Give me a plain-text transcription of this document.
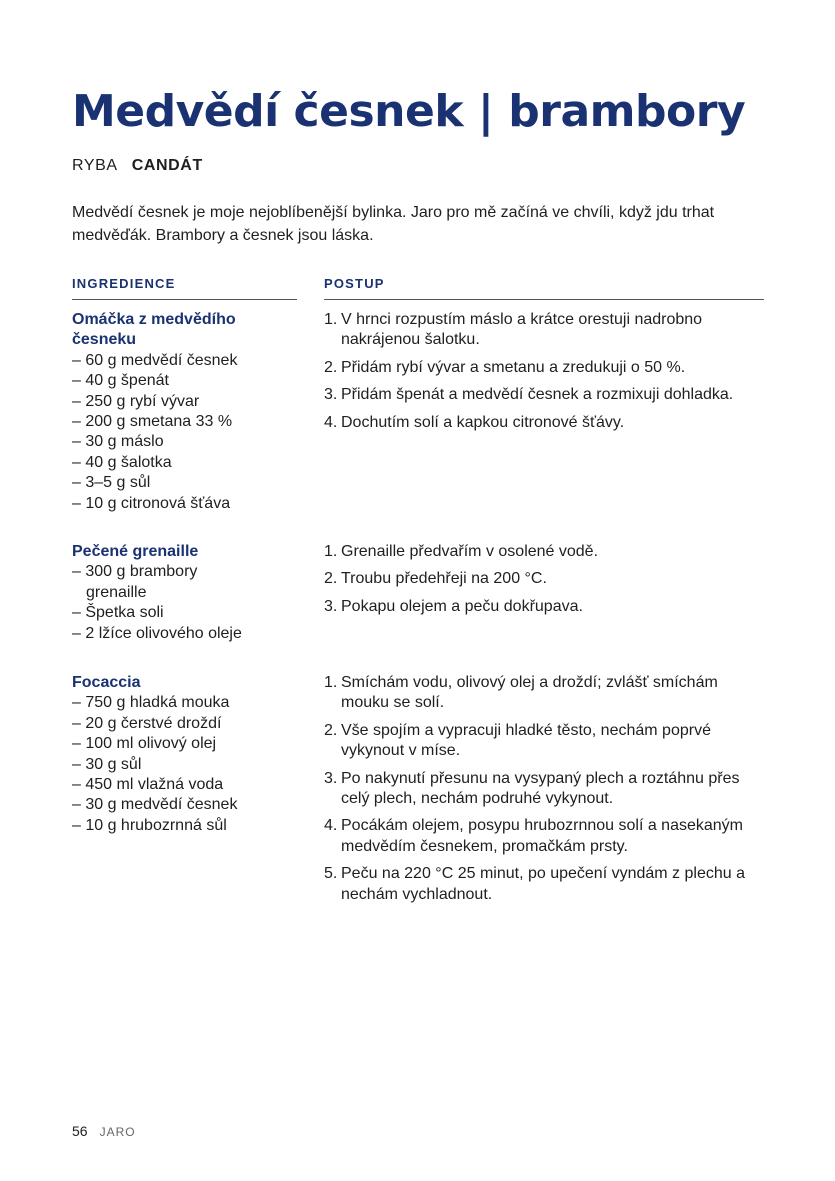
Medvědí česnek | brambory
RYBA CANDÁT

Medvědí česnek je moje nejoblíbenější bylinka. Jaro pro mě začíná ve chvíli, když jdu trhat medvěďák. Brambory a česnek jsou láska.

INGREDIENCE	POSTUP
Omáčka z medvědího česneku
– 60 g medvědí česnek
– 40 g špenát
– 250 g rybí vývar
– 200 g smetana 33 %
– 30 g máslo
– 40 g šalotka
– 3–5 g sůl
– 10 g citronová šťáva
1. V hrnci rozpustím máslo a krátce orestuji nadrobno nakrájenou šalotku.
2. Přidám rybí vývar a smetanu a zredukuji o 50 %.
3. Přidám špenát a medvědí česnek a rozmixuji dohladka.
4. Dochutím solí a kapkou citronové šťávy.
Pečené grenaille
– 300 g brambory grenaille
– Špetka soli
– 2 lžíce olivového oleje
1. Grenaille předvařím v osolené vodě.
2. Troubu předehřeji na 200 °C.
3. Pokapu olejem a peču dokřupava.
Focaccia
– 750 g hladká mouka
– 20 g čerstvé droždí
– 100 ml olivový olej
– 30 g sůl
– 450 ml vlažná voda
– 30 g medvědí česnek
– 10 g hrubozrnná sůl
1. Smíchám vodu, olivový olej a droždí; zvlášť smíchám mouku se solí.
2. Vše spojím a vypracuji hladké těsto, nechám poprvé vykynout v míse.
3. Po nakynutí přesunu na vysypaný plech a roztáhnu přes celý plech, nechám podruhé vykynout.
4. Pocákám olejem, posypu hrubozrnnou solí a nasekaným medvědím česnekem, promačkám prsty.
5. Peču na 220 °C 25 minut, po upečení vyndám z plechu a nechám vychladnout.
56 JARO
